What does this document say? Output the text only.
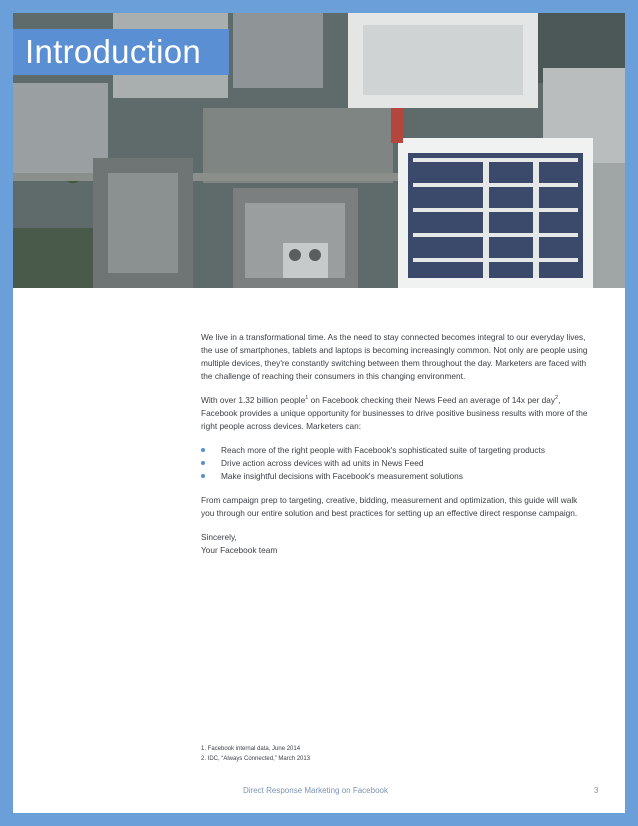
Introduction

We live in a transformational time. As the need to stay connected becomes integral to our everyday lives, the use of smartphones, tablets and laptops is becoming increasingly common. Not only are people using multiple devices, they're constantly switching between them throughout the day. Marketers are faced with the challenge of reaching their consumers in this changing environment.

With over 1.32 billion people$^1$ on Facebook checking their News Feed an average of 14x per day$^2$, Facebook provides a unique opportunity for businesses to drive positive business results with more of the right people across devices. Marketers can:

Reach more of the right people with Facebook's sophisticated suite of targeting products
Drive action across devices with ad units in News Feed
Make insightful decisions with Facebook's measurement solutions

From campaign prep to targeting, creative, bidding, measurement and optimization, this guide will walk you through our entire solution and best practices for setting up an effective direct response campaign.

Sincerely,

Your Facebook team

1. Facebook internal data, June 2014
2. IDC, “Always Connected,” March 2013
Direct Response Marketing on Facebook	3
